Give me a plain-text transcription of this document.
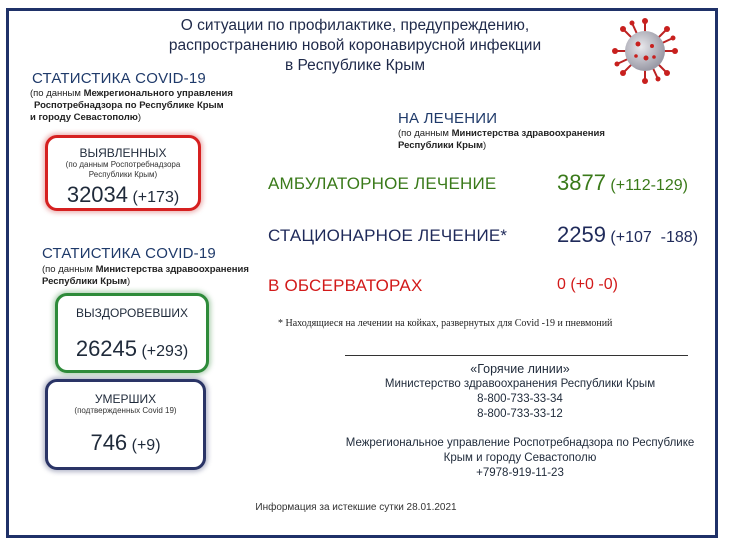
О ситуации по профилактике, предупреждению,
распространению новой коронавирусной инфекции
в Республике Крым
СТАТИСТИКА COVID-19
(по данным Межрегионального управления
Роспотребнадзора по Республике Крым
и городу Севастополю)
ВЫЯВЛЕННЫХ
(по данным Роспотребнадзора
Республики Крым)
32034 (+173)
СТАТИСТИКА COVID-19
(по данным Министерства здравоохранения
Республики Крым)
ВЫЗДОРОВЕВШИХ
26245 (+293)
УМЕРШИХ
(подтвержденных Covid 19)
746 (+9)
НА ЛЕЧЕНИИ
(по данным Министерства здравоохранения
Республики Крым)
АМБУЛАТОРНОЕ ЛЕЧЕНИЕ	3877 (+112-129)
СТАЦИОНАРНОЕ ЛЕЧЕНИЕ* 2259 (+107  -188)
В ОБСЕРВАТОРАХ	0 (+0 -0)
* Находящиеся на лечении на койках, развернутых для Covid -19 и пневмоний
«Горячие линии»
Министерство здравоохранения Республики Крым
8-800-733-33-34
8-800-733-33-12
Межрегиональное управление Роспотребнадзора по Республике
Крым и городу Севастополю
+7978-919-11-23
Информация за истекшие сутки 28.01.2021
